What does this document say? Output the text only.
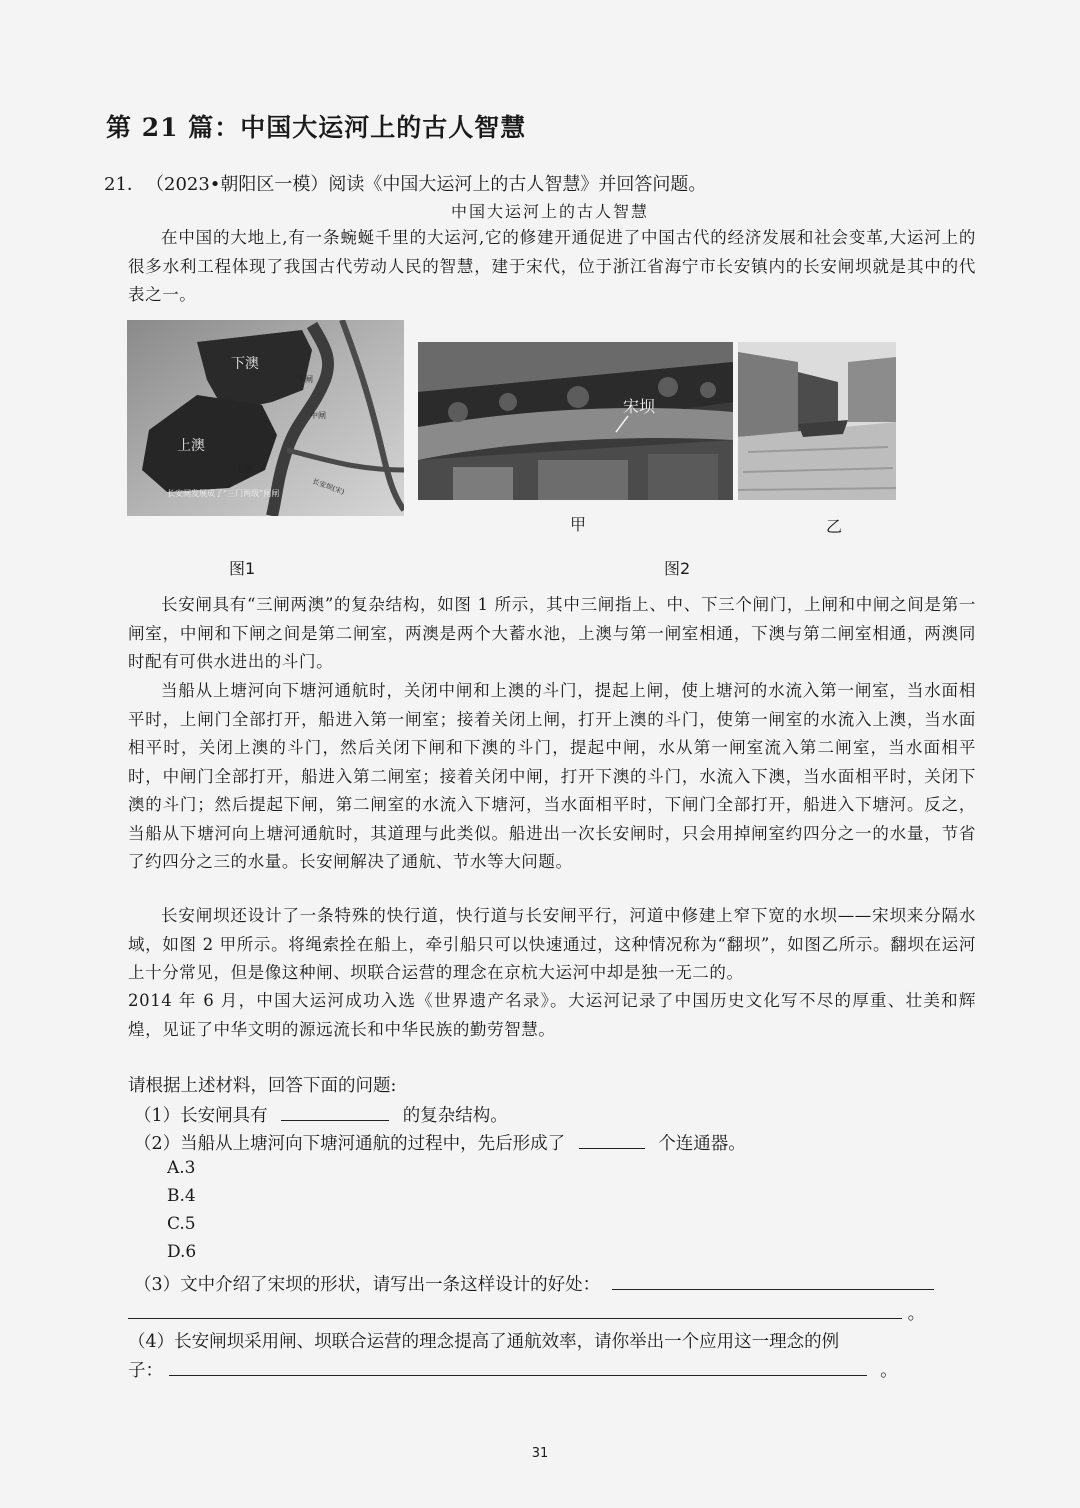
第 21 篇：中国大运河上的古人智慧
21．（2023•朝阳区一模）阅读《中国大运河上的古人智慧》并回答问题。
中国大运河上的古人智慧

在中国的大地上,有一条蜿蜒千里的大运河,它的修建开通促进了中国古代的经济发展和社会变革,大运河上的很多水利工程体现了我国古代劳动人民的智慧，建于宋代，位于浙江省海宁市长安镇内的长安闸坝就是其中的代表之一。

下澳
上澳
下闸
中闸
上闸
长安闸发展成了“三门两级”闸闸	长安坝(宋)
宋坝
甲	乙
图1	图2

长安闸具有“三闸两澳”的复杂结构，如图 1 所示，其中三闸指上、中、下三个闸门，上闸和中闸之间是第一闸室，中闸和下闸之间是第二闸室，两澳是两个大蓄水池，上澳与第一闸室相通，下澳与第二闸室相通，两澳同时配有可供水进出的斗门。

当船从上塘河向下塘河通航时，关闭中闸和上澳的斗门，提起上闸，使上塘河的水流入第一闸室，当水面相平时，上闸门全部打开，船进入第一闸室；接着关闭上闸，打开上澳的斗门，使第一闸室的水流入上澳，当水面相平时，关闭上澳的斗门，然后关闭下闸和下澳的斗门，提起中闸，水从第一闸室流入第二闸室，当水面相平时，中闸门全部打开，船进入第二闸室；接着关闭中闸，打开下澳的斗门，水流入下澳，当水面相平时，关闭下澳的斗门；然后提起下闸，第二闸室的水流入下塘河，当水面相平时，下闸门全部打开，船进入下塘河。反之，当船从下塘河向上塘河通航时，其道理与此类似。船进出一次长安闸时，只会用掉闸室约四分之一的水量，节省了约四分之三的水量。长安闸解决了通航、节水等大问题。

长安闸坝还设计了一条特殊的快行道，快行道与长安闸平行，河道中修建上窄下宽的水坝——宋坝来分隔水域，如图 2 甲所示。将绳索拴在船上，牵引船只可以快速通过，这种情况称为“翻坝”，如图乙所示。翻坝在运河上十分常见，但是像这种闸、坝联合运营的理念在京杭大运河中却是独一无二的。

2014 年 6 月，中国大运河成功入选《世界遗产名录》。大运河记录了中国历史文化写不尽的厚重、壮美和辉煌，见证了中华文明的源远流长和中华民族的勤劳智慧。

请根据上述材料，回答下面的问题:
（1）长安闸具有	的复杂结构。
（2）当船从上塘河向下塘河通航的过程中，先后形成了	个连通器。
A.3
B.4
C.5
D.6
（3）文中介绍了宋坝的形状，请写出一条这样设计的好处：
。
（4）长安闸坝采用闸、坝联合运营的理念提高了通航效率，请你举出一个应用这一理念的例
子：	。
31
